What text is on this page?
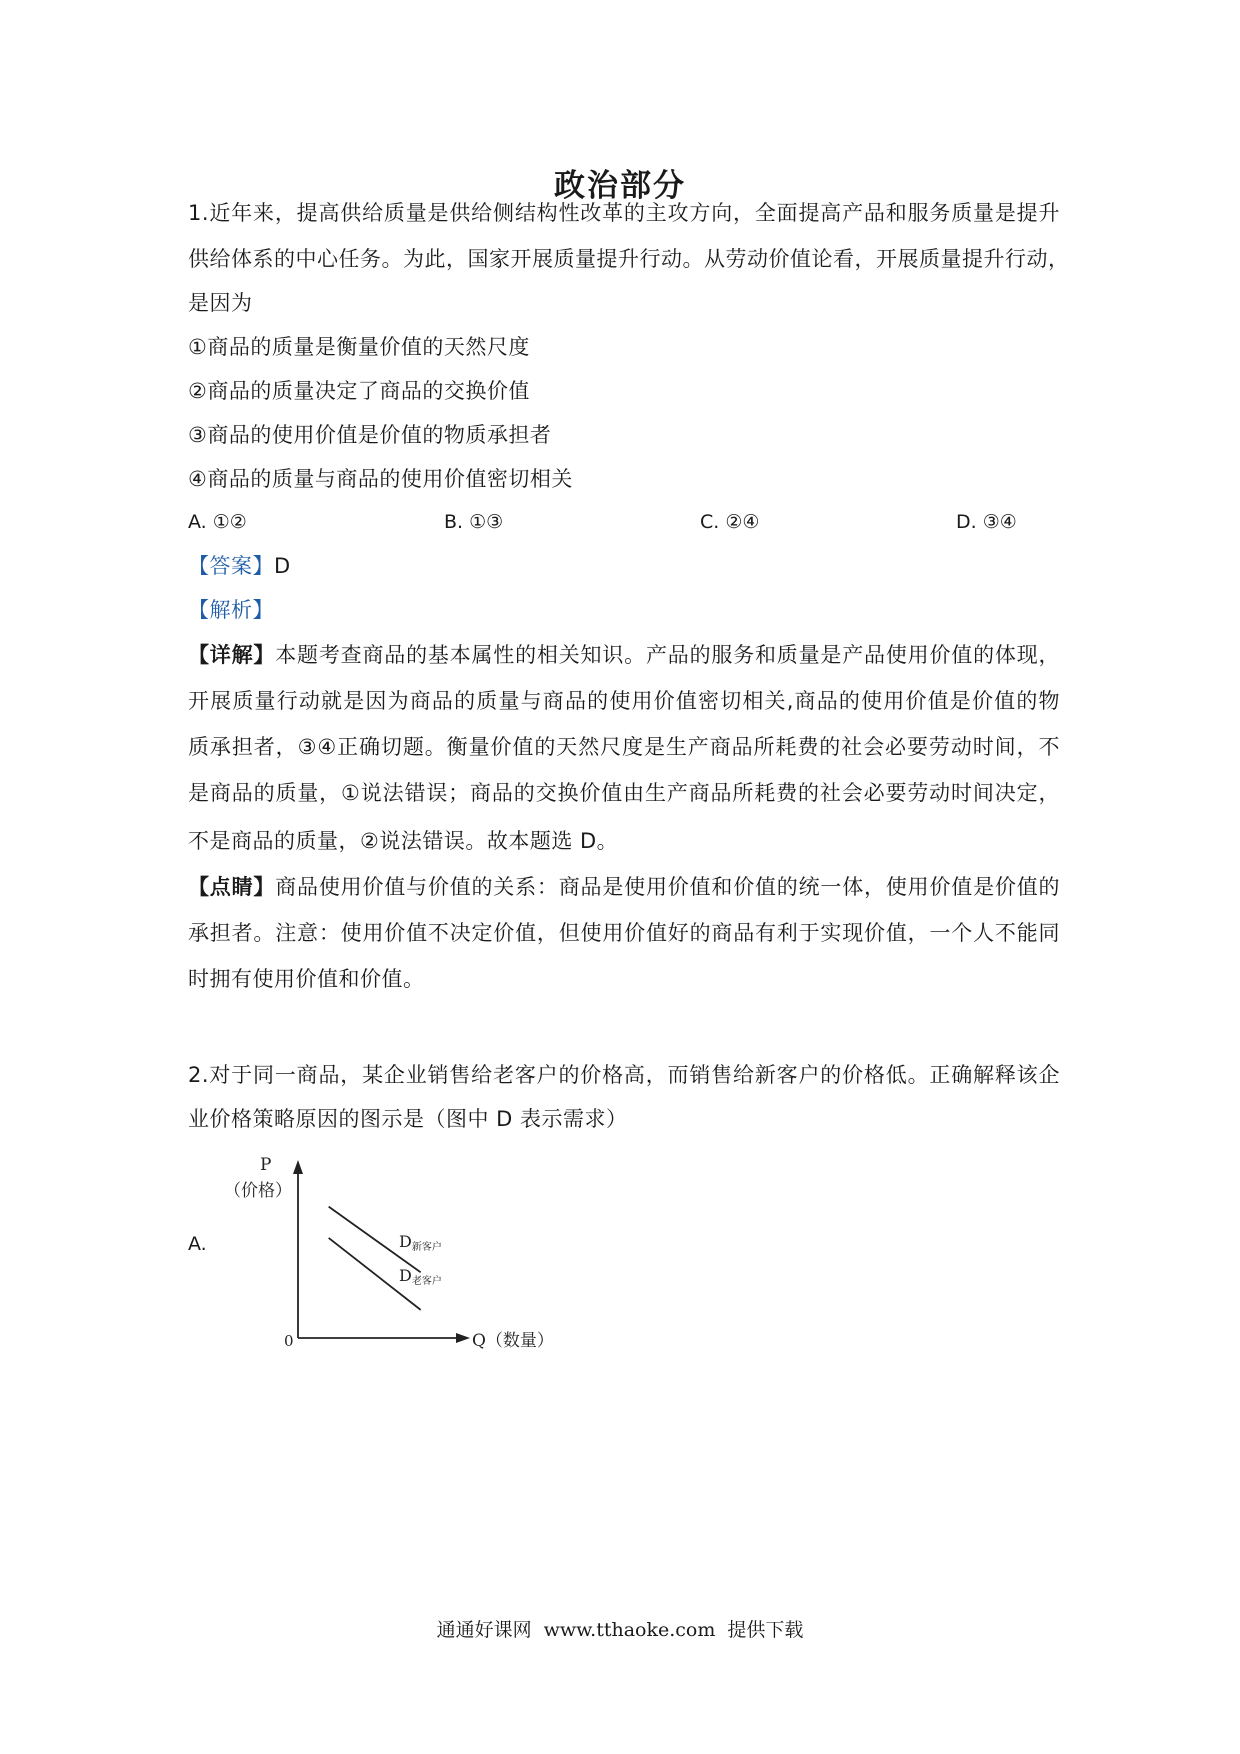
政治部分
1.近年来，提高供给质量是供给侧结构性改革的主攻方向，全面提高产品和服务质量是提升
供给体系的中心任务。为此，国家开展质量提升行动。从劳动价值论看，开展质量提升行动，
是因为
①商品的质量是衡量价值的天然尺度
②商品的质量决定了商品的交换价值
③商品的使用价值是价值的物质承担者
④商品的质量与商品的使用价值密切相关
A. ①②	B. ①③	C. ②④	D. ③④
【答案】D
【解析】
【详解】本题考查商品的基本属性的相关知识。产品的服务和质量是产品使用价值的体现，
开展质量行动就是因为商品的质量与商品的使用价值密切相关,商品的使用价值是价值的物
质承担者，③④正确切题。衡量价值的天然尺度是生产商品所耗费的社会必要劳动时间，不
是商品的质量，①说法错误；商品的交换价值由生产商品所耗费的社会必要劳动时间决定，
不是商品的质量，②说法错误。故本题选 D。
【点睛】商品使用价值与价值的关系：商品是使用价值和价值的统一体，使用价值是价值的
承担者。注意：使用价值不决定价值，但使用价值好的商品有利于实现价值，一个人不能同
时拥有使用价值和价值。
2.对于同一商品，某企业销售给老客户的价格高，而销售给新客户的价格低。正确解释该企
业价格策略原因的图示是（图中 D 表示需求）
A.
P
（价格）
0	Q（数量）
D新客户
D老客户
通通好课网 www.tthaoke.com 提供下载
